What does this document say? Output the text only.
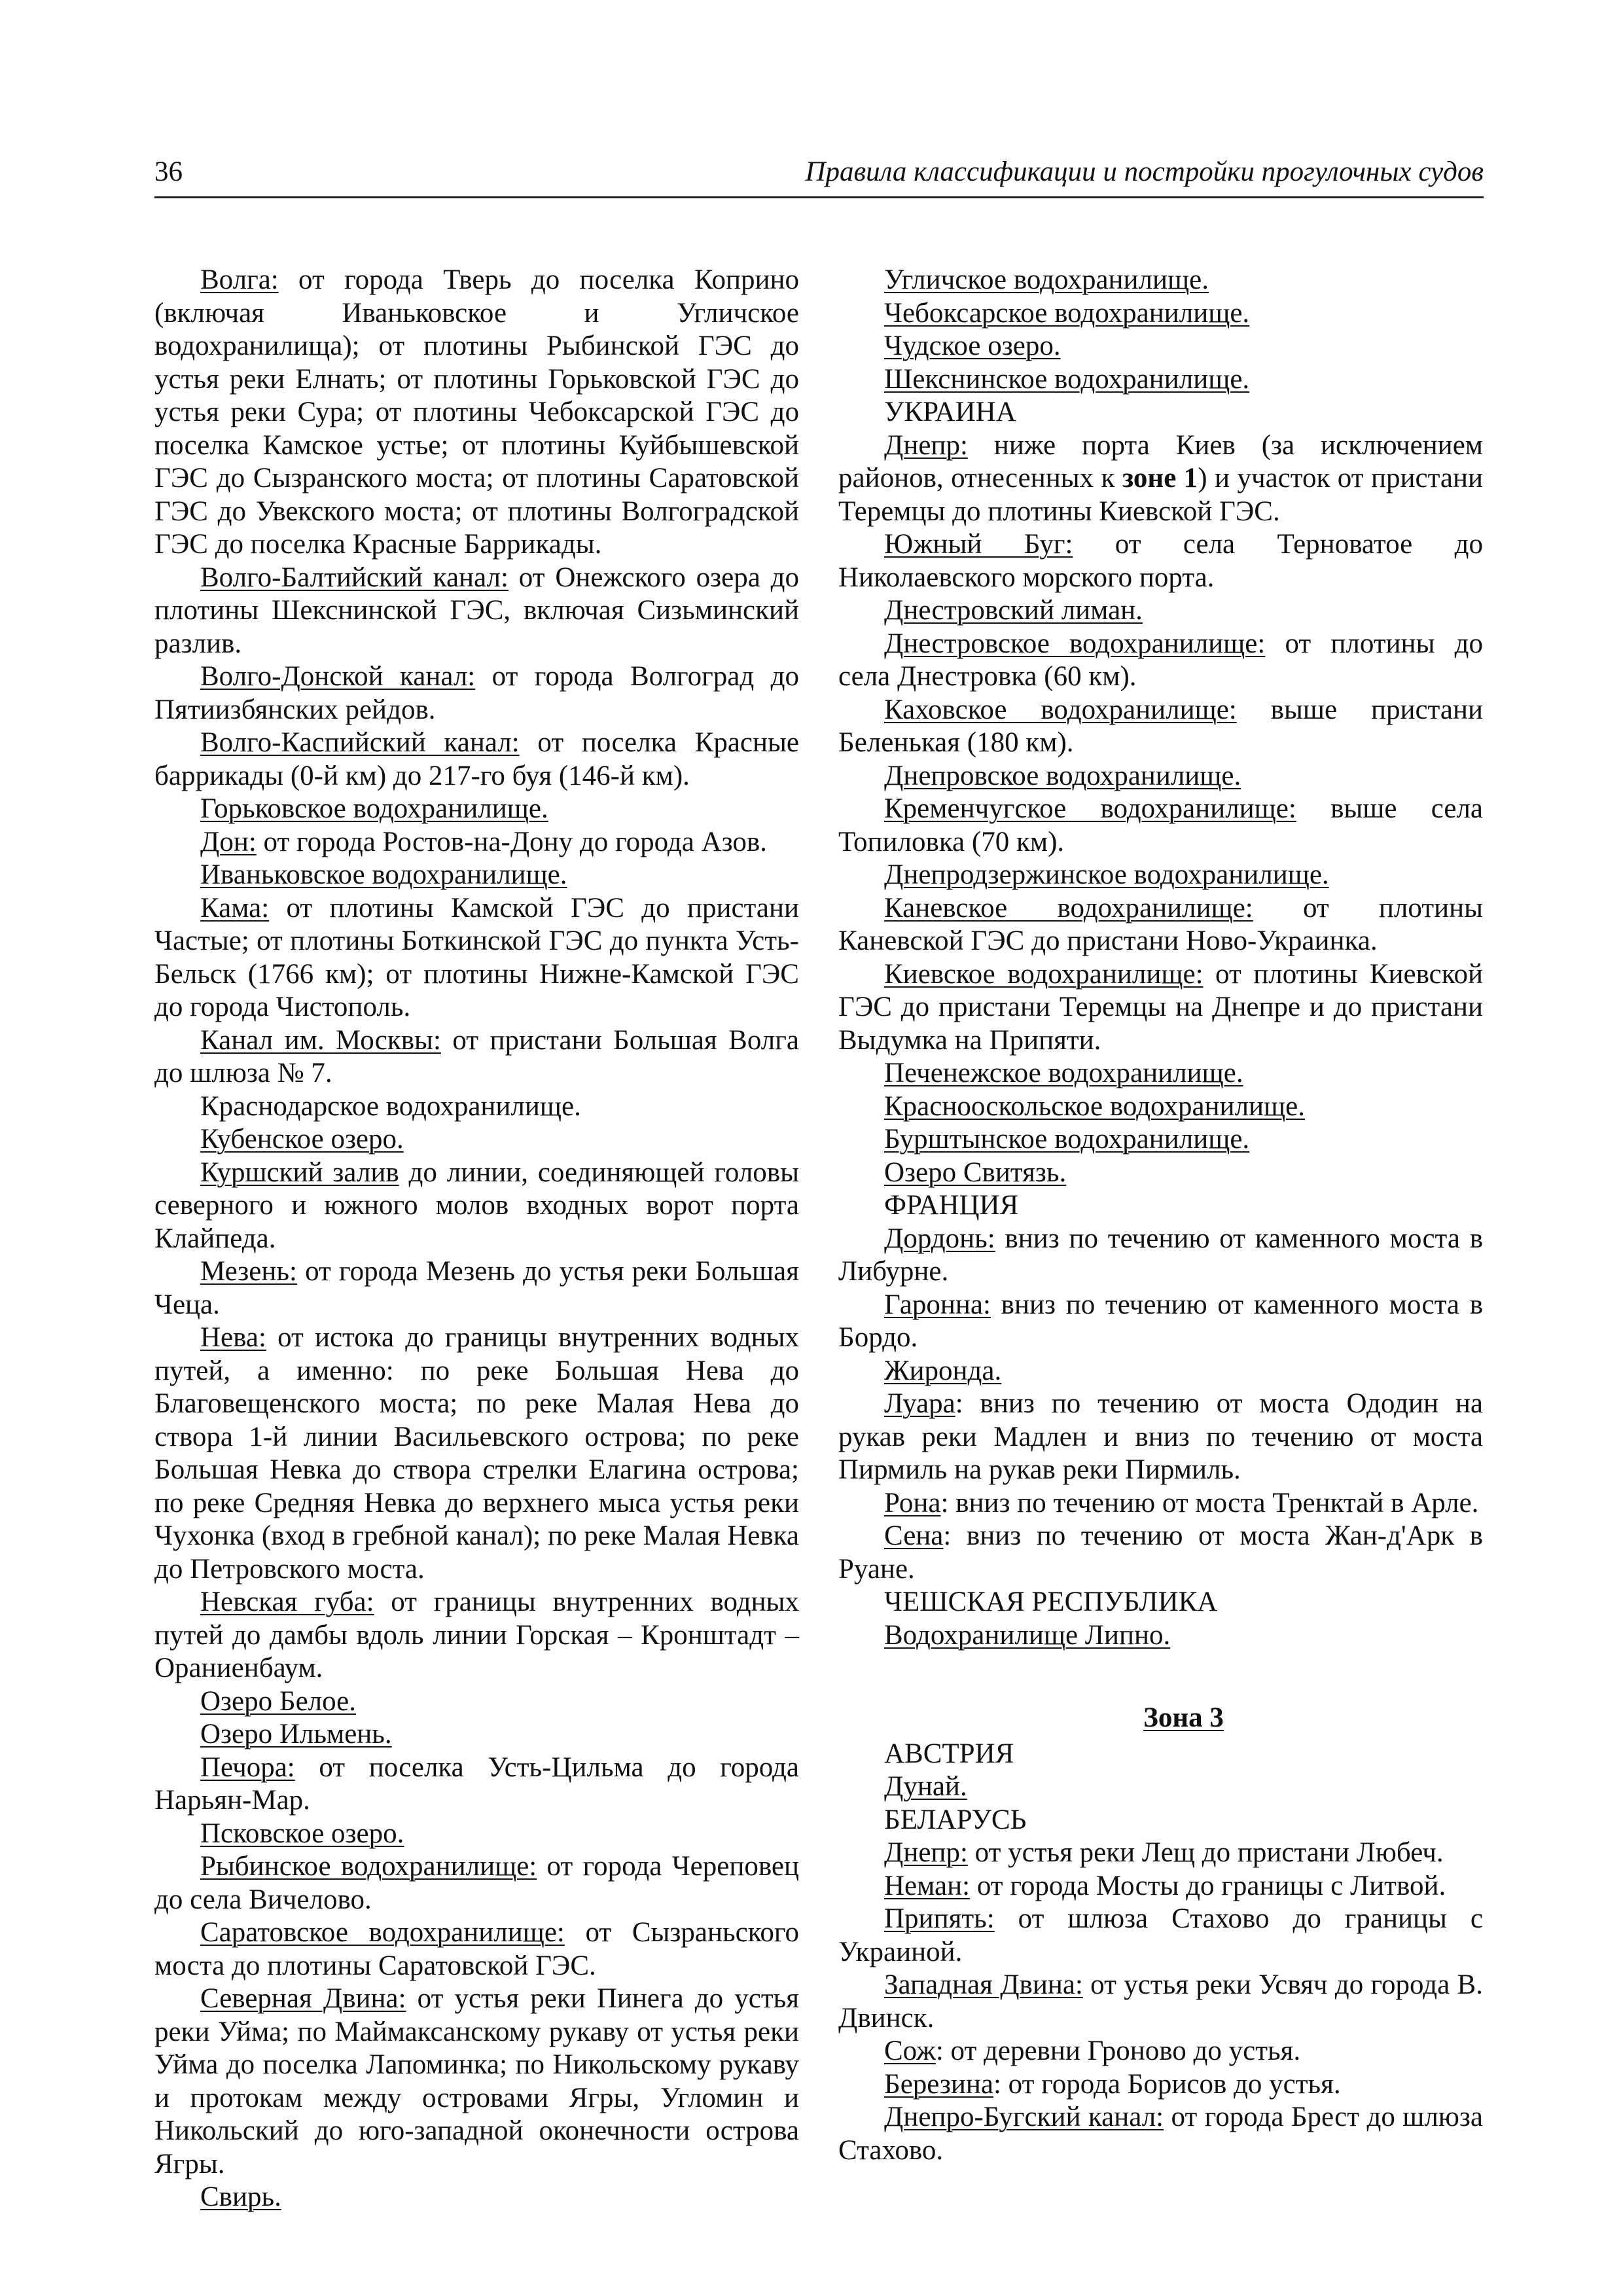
36	Правила классификации и постройки прогулочных судов

Волга: от города Тверь до поселка Коприно (включая Иваньковское и Угличское водохранилища); от плотины Рыбинской ГЭС до устья реки Елнать; от плотины Горьковской ГЭС до устья реки Сура; от плотины Чебоксарской ГЭС до поселка Камское устье; от плотины Куйбышевской ГЭС до Сызранского моста; от плотины Саратовской ГЭС до Увекского моста; от плотины Волгоградской ГЭС до поселка Красные Баррикады.

Волго-Балтийский канал: от Онежского озера до плотины Шекснинской ГЭС, включая Сизьминский разлив.

Волго-Донской канал: от города Волгоград до Пятиизбянских рейдов.

Волго-Каспийский канал: от поселка Красные баррикады (0-й км) до 217-го буя (146-й км).

Горьковское водохранилище.

Дон: от города Ростов-на-Дону до города Азов.

Иваньковское водохранилище.

Кама: от плотины Камской ГЭС до пристани Частые; от плотины Боткинской ГЭС до пункта Усть-Бельск (1766 км); от плотины Нижне-Камской ГЭС до города Чистополь.

Канал им. Москвы: от пристани Большая Волга до шлюза № 7.

Краснодарское водохранилище.

Кубенское озеро.

Куршский залив до линии, соединяющей головы северного и южного молов входных ворот порта Клайпеда.

Мезень: от города Мезень до устья реки Большая Чеца.

Нева: от истока до границы внутренних водных путей, а именно: по реке Большая Нева до Благовещенского моста; по реке Малая Нева до створа 1-й линии Васильевского острова; по реке Большая Невка до створа стрелки Елагина острова; по реке Средняя Невка до верхнего мыса устья реки Чухонка (вход в гребной канал); по реке Малая Невка до Петровского моста.

Невская губа: от границы внутренних водных путей до дамбы вдоль линии Горская – Кронштадт – Ораниенбаум.

Озеро Белое.

Озеро Ильмень.

Печора: от поселка Усть-Цильма до города Нарьян-Мар.

Псковское озеро.

Рыбинское водохранилище: от города Череповец до села Вичелово.

Саратовское водохранилище: от Сызраньского моста до плотины Саратовской ГЭС.

Северная Двина: от устья реки Пинега до устья реки Уйма; по Маймаксанскому рукаву от устья реки Уйма до поселка Лапоминка; по Никольскому рукаву и протокам между островами Ягры, Угломин и Никольский до юго-западной оконечности острова Ягры.

Свирь.

Угличское водохранилище.

Чебоксарское водохранилище.

Чудское озеро.

Шекснинское водохранилище.

УКРАИНА

Днепр: ниже порта Киев (за исключением районов, отнесенных к зоне 1) и участок от пристани Теремцы до плотины Киевской ГЭС.

Южный Буг: от села Терноватое до Николаевского морского порта.

Днестровский лиман.

Днестровское водохранилище: от плотины до села Днестровка (60 км).

Каховское водохранилище: выше пристани Беленькая (180 км).

Днепровское водохранилище.

Кременчугское водохранилище: выше села Топиловка (70 км).

Днепродзержинское водохранилище.

Каневское водохранилище: от плотины Каневской ГЭС до пристани Ново-Украинка.

Киевское водохранилище: от плотины Киевской ГЭС до пристани Теремцы на Днепре и до пристани Выдумка на Припяти.

Печенежское водохранилище.

Краснооскольское водохранилище.

Бурштынское водохранилище.

Озеро Свитязь.

ФРАНЦИЯ

Дордонь: вниз по течению от каменного моста в Либурне.

Гаронна: вниз по течению от каменного моста в Бордо.

Жиронда.

Луара: вниз по течению от моста Ододин на рукав реки Мадлен и вниз по течению от моста Пирмиль на рукав реки Пирмиль.

Рона: вниз по течению от моста Тренктай в Арле.

Сена: вниз по течению от моста Жан-д'Арк в Руане.

ЧЕШСКАЯ РЕСПУБЛИКА

Водохранилище Липно.

Зона 3

АВСТРИЯ

Дунай.

БЕЛАРУСЬ

Днепр: от устья реки Лещ до пристани Любеч.

Неман: от города Мосты до границы с Литвой.

Припять: от шлюза Стахово до границы с Украиной.

Западная Двина: от устья реки Усвяч до города В. Двинск.

Сож: от деревни Гроново до устья.

Березина: от города Борисов до устья.

Днепро-Бугский канал: от города Брест до шлюза Стахово.
